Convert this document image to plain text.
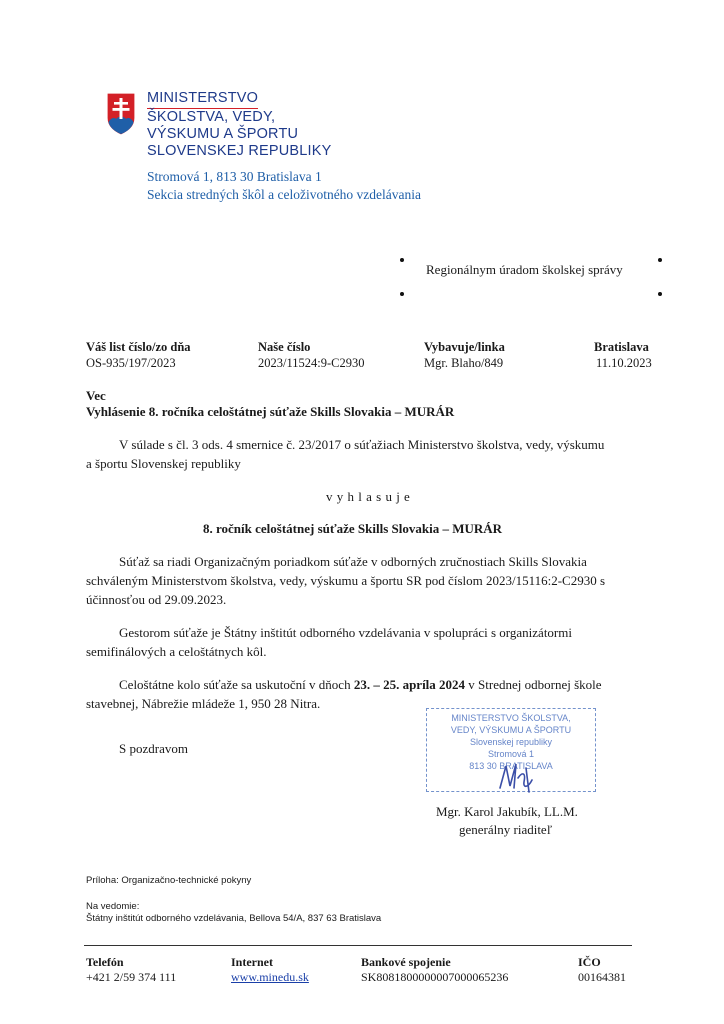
MINISTERSTVO
ŠKOLSTVA, VEDY,
VÝSKUMU A ŠPORTU
SLOVENSKEJ REPUBLIKY
Stromová 1, 813 30 Bratislava 1
Sekcia stredných škôl a celoživotného vzdelávania
Regionálnym úradom školskej správy
Váš list číslo/zo dňa
OS-935/197/2023
Naše číslo
2023/11524:9-C2930
Vybavuje/linka
Mgr. Blaho/849
Bratislava
11.10.2023
Vec
Vyhlásenie 8. ročníka celoštátnej súťaže Skills Slovakia – MURÁR
V súlade s čl. 3 ods. 4 smernice č. 23/2017 o súťažiach Ministerstvo školstva, vedy, výskumu
a športu Slovenskej republiky
v y h l a s u j e
8. ročník celoštátnej súťaže Skills Slovakia – MURÁR
Súťaž sa riadi Organizačným poriadkom súťaže v odborných zručnostiach Skills Slovakia
schváleným Ministerstvom školstva, vedy, výskumu a športu SR pod číslom 2023/15116:2-C2930 s
účinnosťou od 29.09.2023.
Gestorom súťaže je Štátny inštitút odborného vzdelávania v spolupráci s organizátormi
semifinálových a celoštátnych kôl.
Celoštátne kolo súťaže sa uskutoční v dňoch 23. – 25. apríla 2024 v Strednej odbornej škole
stavebnej, Nábrežie mládeže 1, 950 28 Nitra.
S pozdravom
MINISTERSTVO ŠKOLSTVA,
VEDY, VÝSKUMU A ŠPORTU
Slovenskej republiky
Stromová 1
813 30 BRATISLAVA
Mgr. Karol Jakubík, LL.M.
generálny riaditeľ
Príloha: Organizačno-technické pokyny
Na vedomie:
Štátny inštitút odborného vzdelávania, Bellova 54/A, 837 63 Bratislava
Telefón
+421 2/59 374 111
Internet
www.minedu.sk
Bankové spojenie
SK8081800000007000065236
IČO
00164381
